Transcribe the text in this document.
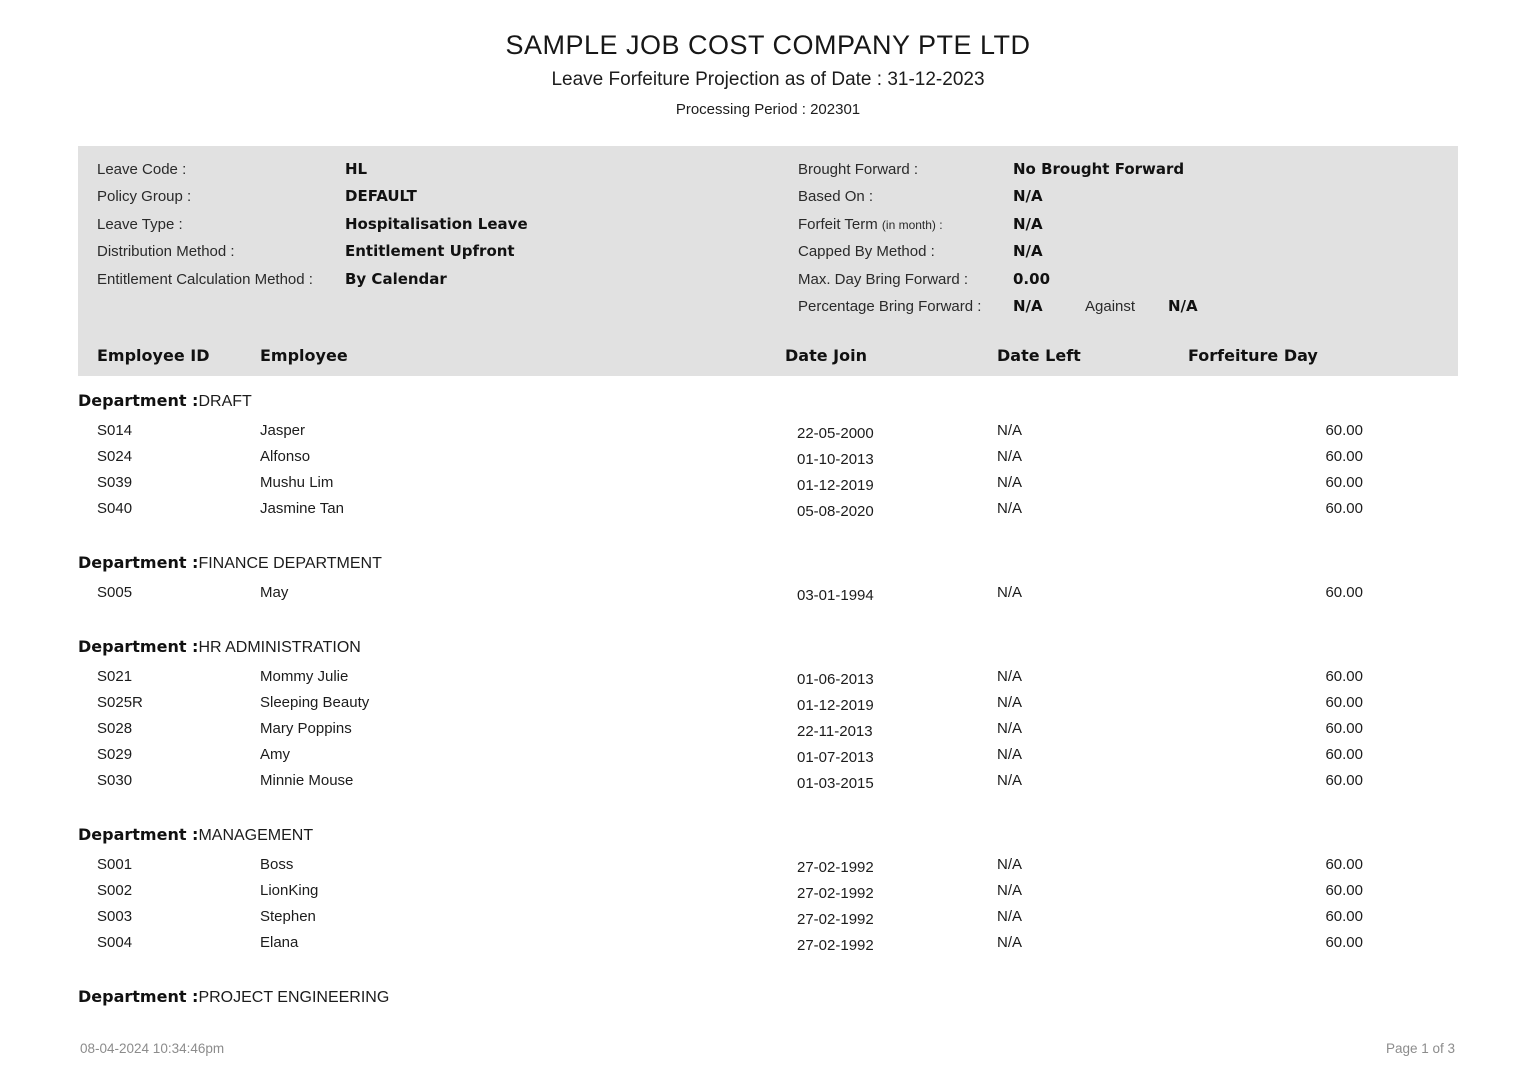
SAMPLE JOB COST COMPANY PTE LTD
Leave Forfeiture Projection as of Date : 31-12-2023
Processing Period : 202301
Leave Code :	HL
Policy Group :	DEFAULT
Leave Type :	Hospitalisation Leave
Distribution Method :	Entitlement Upfront
Entitlement Calculation Method : By Calendar
Brought Forward :	No Brought Forward
Based On :	N/A
Forfeit Term (in month) :	N/A
Capped By Method :	N/A
Max. Day Bring Forward :	0.00
Percentage Bring Forward : N/A	Against N/A
Employee ID	Employee	Date Join	Date Left	Forfeiture Day
Department :DRAFT
S014	Jasper	22-05-2000	N/A	60.00
S024	Alfonso	01-10-2013	N/A	60.00
S039	Mushu Lim	01-12-2019	N/A	60.00
S040	Jasmine Tan	05-08-2020	N/A	60.00
Department :FINANCE DEPARTMENT
S005	May	03-01-1994	N/A	60.00
Department :HR ADMINISTRATION
S021	Mommy Julie	01-06-2013	N/A	60.00
S025R	Sleeping Beauty	01-12-2019	N/A	60.00
S028	Mary Poppins	22-11-2013	N/A	60.00
S029	Amy	01-07-2013	N/A	60.00
S030	Minnie Mouse	01-03-2015	N/A	60.00
Department :MANAGEMENT
S001	Boss	27-02-1992	N/A	60.00
S002	LionKing	27-02-1992	N/A	60.00
S003	Stephen	27-02-1992	N/A	60.00
S004	Elana	27-02-1992	N/A	60.00
Department :PROJECT ENGINEERING
08-04-2024 10:34:46pm	Page 1 of 3
